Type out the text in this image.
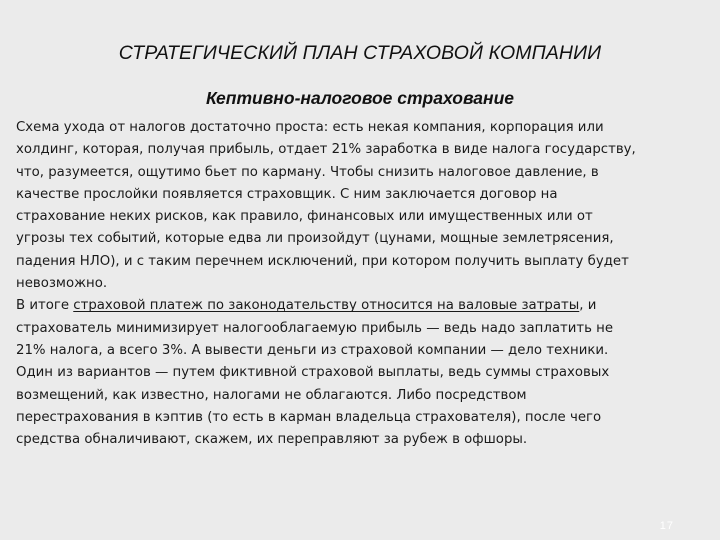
СТРАТЕГИЧЕСКИЙ ПЛАН СТРАХОВОЙ КОМПАНИИ
Кептивно-налоговое страхование
Схема ухода от налогов достаточно проста: есть некая компания, корпорация или
холдинг, которая, получая прибыль, отдает 21% заработка в виде налога государству,
что, разумеется, ощутимо бьет по карману. Чтобы снизить налоговое давление, в
качестве прослойки появляется страховщик. С ним заключается договор на
страхование неких рисков, как правило, финансовых или имущественных или от
угрозы тех событий, которые едва ли произойдут (цунами, мощные землетрясения,
падения НЛО), и с таким перечнем исключений, при котором получить выплату будет
невозможно.
В итоге страховой платеж по законодательству относится на валовые затраты, и
страхователь минимизирует налогооблагаемую прибыль — ведь надо заплатить не
21% налога, а всего 3%. А вывести деньги из страховой компании — дело техники.
Один из вариантов — путем фиктивной страховой выплаты, ведь суммы страховых
возмещений, как известно, налогами не облагаются. Либо посредством
перестрахования в кэптив (то есть в карман владельца страхователя), после чего
средства обналичивают, скажем, их переправляют за рубеж в офшоры.
17
